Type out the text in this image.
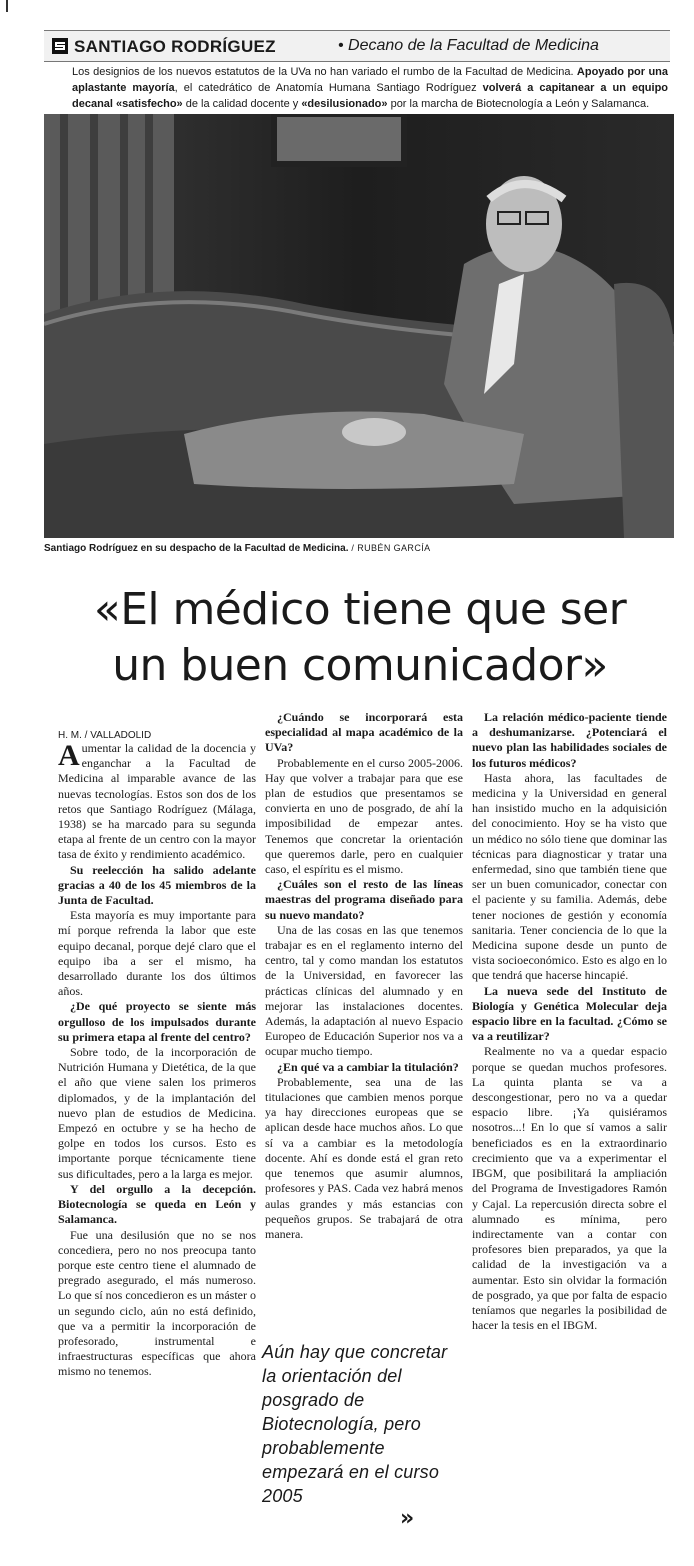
SANTIAGO RODRÍGUEZ	• Decano de la Facultad de Medicina
Los designios de los nuevos estatutos de la UVa no han variado el rumbo de la Facultad de Medicina. Apoyado por una aplastante mayoría, el catedrático de Anatomía Humana Santiago Rodríguez volverá a capitanear a un equipo decanal «satisfecho» de la calidad docente y «desilusionado» por la marcha de Biotecnología a León y Salamanca.
Santiago Rodríguez en su despacho de la Facultad de Medicina. / RUBÉN GARCÍA
«El médico tiene que ser
un buen comunicador»

H. M. / VALLADOLID

Aumentar la calidad de la docencia y enganchar a la Facultad de Medicina al imparable avance de las nuevas tecnologías. Estos son dos de los retos que Santiago Rodríguez (Málaga, 1938) se ha marcado para su segunda etapa al frente de un centro con la mayor tasa de éxito y rendimiento académico.

Su reelección ha salido adelante gracias a 40 de los 45 miembros de la Junta de Facultad.

Esta mayoría es muy importante para mí porque refrenda la labor que este equipo decanal, porque dejé claro que el equipo iba a ser el mismo, ha desarrollado durante los dos últimos años.

¿De qué proyecto se siente más orgulloso de los impulsados durante su primera etapa al frente del centro?

Sobre todo, de la incorporación de Nutrición Humana y Dietética, de la que el año que viene salen los primeros diplomados, y de la implantación del nuevo plan de estudios de Medicina. Empezó en octubre y se ha hecho de golpe en todos los cursos. Esto es importante porque técnicamente tiene sus dificultades, pero a la larga es mejor.

Y del orgullo a la decepción. Biotecnología se queda en León y Salamanca.

Fue una desilusión que no se nos concediera, pero no nos preocupa tanto porque este centro tiene el alumnado de pregrado asegurado, el más numeroso. Lo que sí nos concedieron es un máster o un segundo ciclo, aún no está definido, que va a permitir la incorporación de profesorado, instrumental e infraestructuras específicas que ahora mismo no tenemos.

¿Cuándo se incorporará esta especialidad al mapa académico de la UVa?

Probablemente en el curso 2005-2006. Hay que volver a trabajar para que ese plan de estudios que presentamos se convierta en uno de posgrado, de ahí la imposibilidad de empezar antes. Tenemos que concretar la orientación que queremos darle, pero en cualquier caso, el espíritu es el mismo.

¿Cuáles son el resto de las líneas maestras del programa diseñado para su nuevo mandato?

Una de las cosas en las que tenemos trabajar es en el reglamento interno del centro, tal y como mandan los estatutos de la Universidad, en favorecer las prácticas clínicas del alumnado y en mejorar las instalaciones docentes. Además, la adaptación al nuevo Espacio Europeo de Educación Superior nos va a ocupar mucho tiempo.

¿En qué va a cambiar la titulación?

Probablemente, sea una de las titulaciones que cambien menos porque ya hay direcciones europeas que se aplican desde hace muchos años. Lo que sí va a cambiar es la metodología docente. Ahí es donde está el gran reto que tenemos que asumir alumnos, profesores y PAS. Cada vez habrá menos aulas grandes y más estancias con pequeños grupos. Se trabajará de otra manera.

La relación médico-paciente tiende a deshumanizarse. ¿Potenciará el nuevo plan las habilidades sociales de los futuros médicos?

Hasta ahora, las facultades de medicina y la Universidad en general han insistido mucho en la adquisición del conocimiento. Hoy se ha visto que un médico no sólo tiene que dominar las técnicas para diagnosticar y tratar una enfermedad, sino que también tiene que ser un buen comunicador, conectar con el paciente y su familia. Además, debe tener nociones de gestión y economía sanitaria. Tener conciencia de lo que la Medicina supone desde un punto de vista socioeconómico. Esto es algo en lo que tendrá que hacerse hincapié.

La nueva sede del Instituto de Biología y Genética Molecular deja espacio libre en la facultad. ¿Cómo se va a reutilizar?

Realmente no va a quedar espacio porque se quedan muchos profesores. La quinta planta se va a descongestionar, pero no va a quedar espacio libre. ¡Ya quisiéramos nosotros...! En lo que sí vamos a salir beneficiados es en la extraordinario crecimiento que va a experimentar el IBGM, que posibilitará la ampliación del Programa de Investigadores Ramón y Cajal. La repercusión directa sobre el alumnado es mínima, pero indirectamente van a contar con profesores bien preparados, ya que la calidad de la investigación va a aumentar. Esto sin olvidar la formación de posgrado, ya que por falta de espacio teníamos que negarles la posibilidad de hacer la tesis en el IBGM.

Aún hay que concretar la orientación del posgrado de Biotecnología, pero probablemente empezará en el curso 2005
»
